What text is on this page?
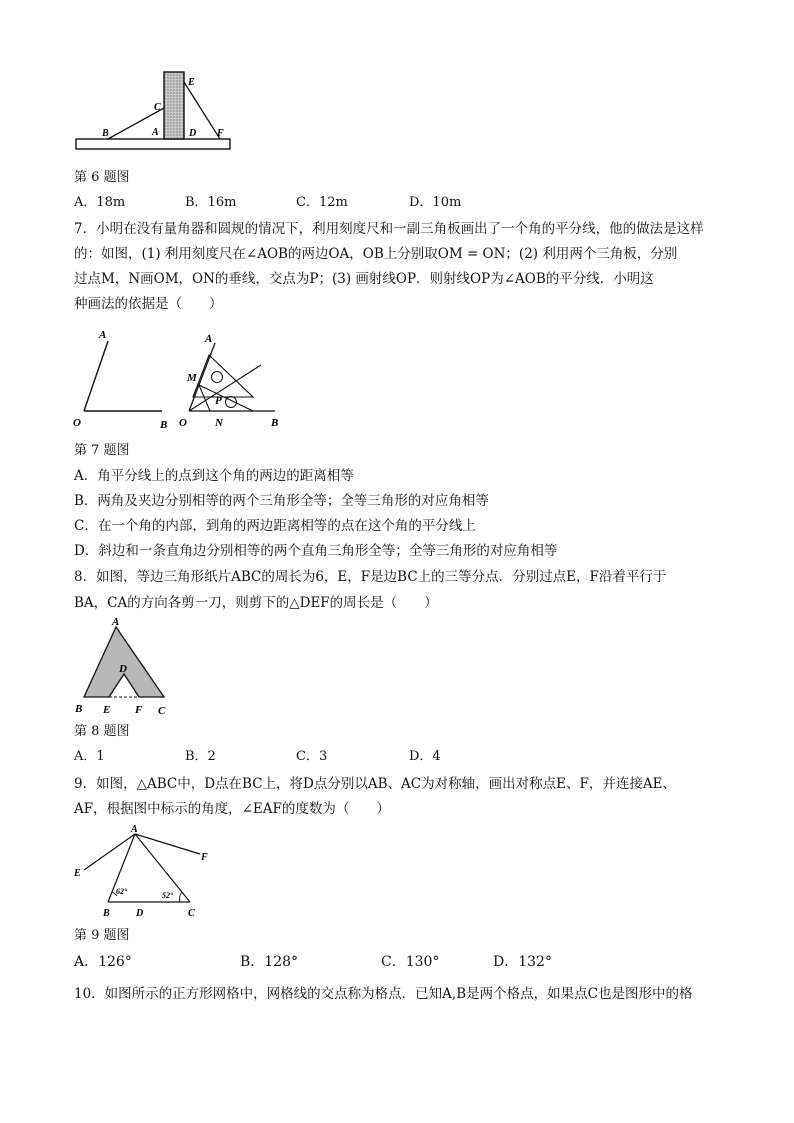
E
C
B	A	D F
第 6 题图
A．18m	B．16m	C．12m	D．10m
7．小明在没有量角器和圆规的情况下，利用刻度尺和一副三角板画出了一个角的平分线，他的做法是这样
的：如图，(1) 利用刻度尺在∠AOB的两边OA，OB上分别取OM = ON；(2) 利用两个三角板，分别
过点M，N画OM，ON的垂线，交点为P；(3) 画射线OP．则射线OP为∠AOB的平分线．小明这
种画法的依据是（　　）
A
O	B
A
M
P
O	N	B
第 7 题图
A．角平分线上的点到这个角的两边的距离相等
B．两角及夹边分别相等的两个三角形全等；全等三角形的对应角相等
C．在一个角的内部，到角的两边距离相等的点在这个角的平分线上
D．斜边和一条直角边分别相等的两个直角三角形全等；全等三角形的对应角相等
8．如图，等边三角形纸片ABC的周长为6，E，F是边BC上的三等分点．分别过点E，F沿着平行于
BA，CA的方向各剪一刀，则剪下的△DEF的周长是（　　）
A
D
B E F C
第 8 题图
A．1	B．2	C．3	D．4
9．如图，△ABC中，D点在BC上，将D点分别以AB、AC为对称轴，画出对称点E、F，并连接AE、
AF，根据图中标示的角度，∠EAF的度数为（　　）
A
F
E
B	D	C
62°	52°
第 9 题图
A．126°	B．128°	C．130°	D．132°
10．如图所示的正方形网格中，网格线的交点称为格点．已知A,B是两个格点，如果点C也是图形中的格
